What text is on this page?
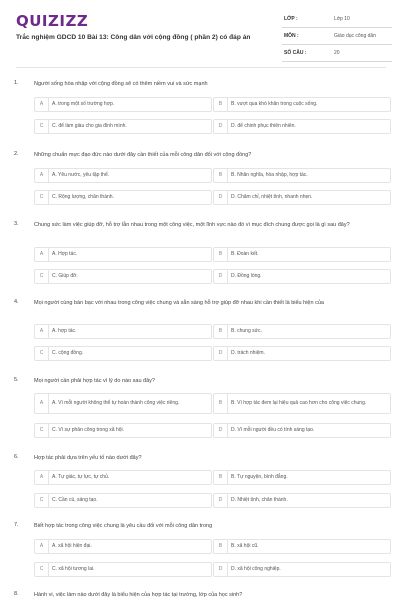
QUIZIZZ
Trắc nghiệm GDCD 10 Bài 13: Công dân với cộng đồng ( phần 2) có đáp án
LỚP :	Lớp 10
MÔN :	Giáo dục công dân
SỐ CÂU :	20
1.	Người sống hòa nhập với cộng đồng sẽ có thêm niềm vui và sức mạnh
A	A. trong một số trường hợp.	B	B. vượt qua khó khăn trong cuộc sống.
C	C. để làm giàu cho gia đình mình.	D	D. để chinh phục thiên nhiên.
2.	Những chuẩn mực đạo đức nào dưới đây cần thiết của mỗi công dân đối với cộng đồng?
A	A. Yêu nước, yêu tập thể.	B	B. Nhân nghĩa, hòa nhập, hợp tác.
C	C. Rộng lượng, chân thành.	D	D. Chăm chỉ, nhiệt tình, nhanh nhẹn.
3.	Chung sức làm việc giúp đỡ, hỗ trợ lẫn nhau trong một công việc, một lĩnh vực nào đó vì mục đích chung được gọi là gì sau đây?
A	A. Hợp tác.	B	B. Đoàn kết.
C	C. Giúp đỡ.	D	D. Đồng lòng.
4.	Mọi người cùng bàn bạc với nhau trong công việc chung và sẵn sàng hỗ trợ giúp đỡ nhau khi cần thiết là biểu hiện của
A	A. hợp tác.	B	B. chung sức.
C	C. cộng đồng.	D	D. trách nhiệm.
5.	Mọi người cần phải hợp tác vì lý do nào sau đây?
A	A. Vì mỗi người không thể tự hoàn thành công việc riêng.	B	B. Vì hợp tác đem lại hiệu quả cao hơn cho công việc chung.
C	C. Vì sự phân công trong xã hội.	D	D. Vì mỗi người đều có tính sáng tạo.
6.	Hợp tác phải dựa trên yếu tố nào dưới đây?
A	A. Tự giác, tự lực, tự chủ.	B	B. Tự nguyện, bình đẳng.
C	C. Cần cù, sáng tạo.	D	D. Nhiệt tình, chân thành.
7.	Biết hợp tác trong công việc chung là yêu cầu đối với mỗi công dân trong
A	A. xã hội hiện đại.	B	B. xã hội cũ.
C	C. xã hội tương lai.	D	D. xã hội công nghiệp.
8.	Hành vi, việc làm nào dưới đây là biểu hiện của hợp tác tại trường, lớp của học sinh?
